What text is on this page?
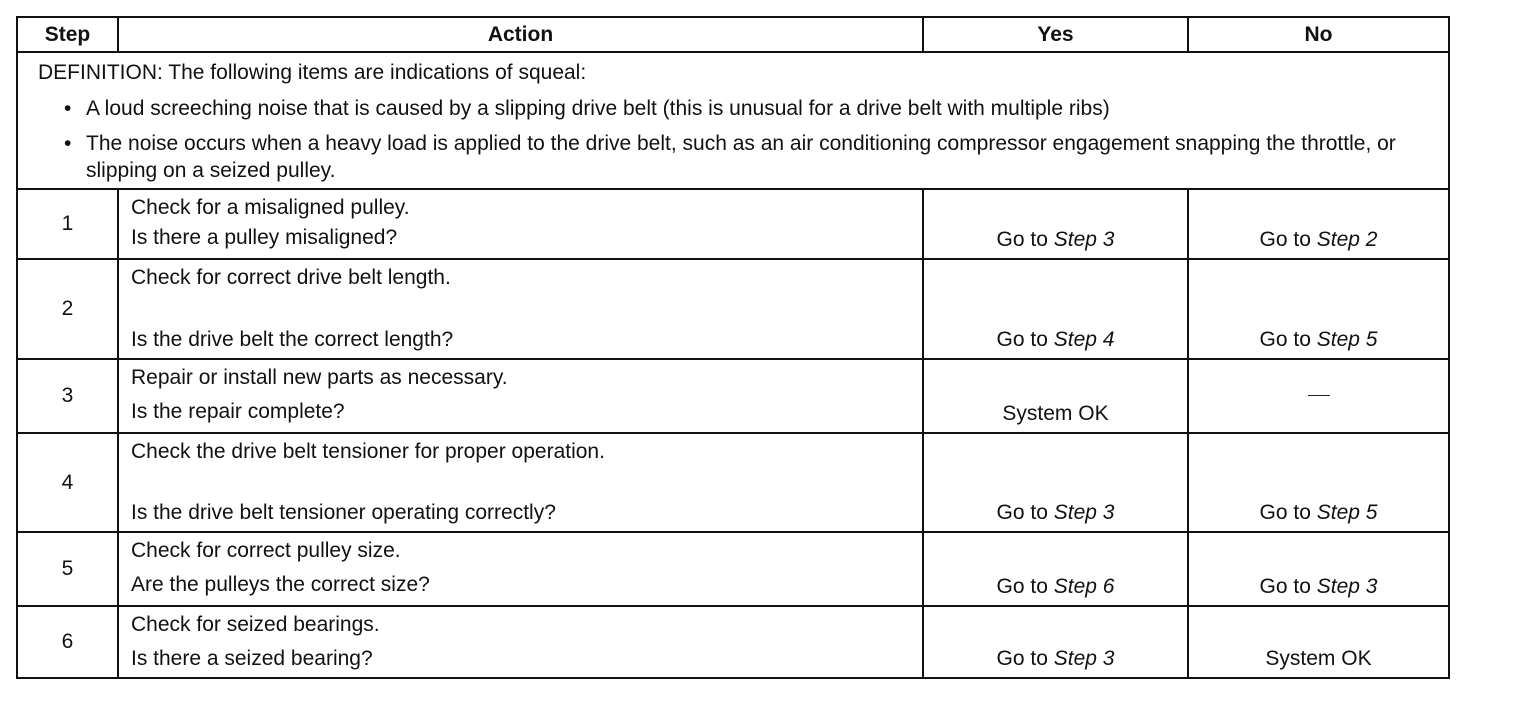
Step	Action	Yes	No

DEFINITION: The following items are indications of squeal:
• A loud screeching noise that is caused by a slipping drive belt (this is unusual for a drive belt with multiple ribs)
• The noise occurs when a heavy load is applied to the drive belt, such as an air conditioning compressor engagement snapping the throttle, or slipping on a seized pulley.			

1	Check for a misaligned pulley.
Is there a pulley misaligned?	Go to Step 3	Go to Step 2
2	Check for correct drive belt length.
Is the drive belt the correct length?	Go to Step 4	Go to Step 5
3	Repair or install new parts as necessary.
Is the repair complete?	System OK	
4	Check the drive belt tensioner for proper operation.
Is the drive belt tensioner operating correctly?	Go to Step 3	Go to Step 5
5	Check for correct pulley size.
Are the pulleys the correct size?	Go to Step 6	Go to Step 3
6	Check for seized bearings.
Is there a seized bearing?	Go to Step 3	System OK
